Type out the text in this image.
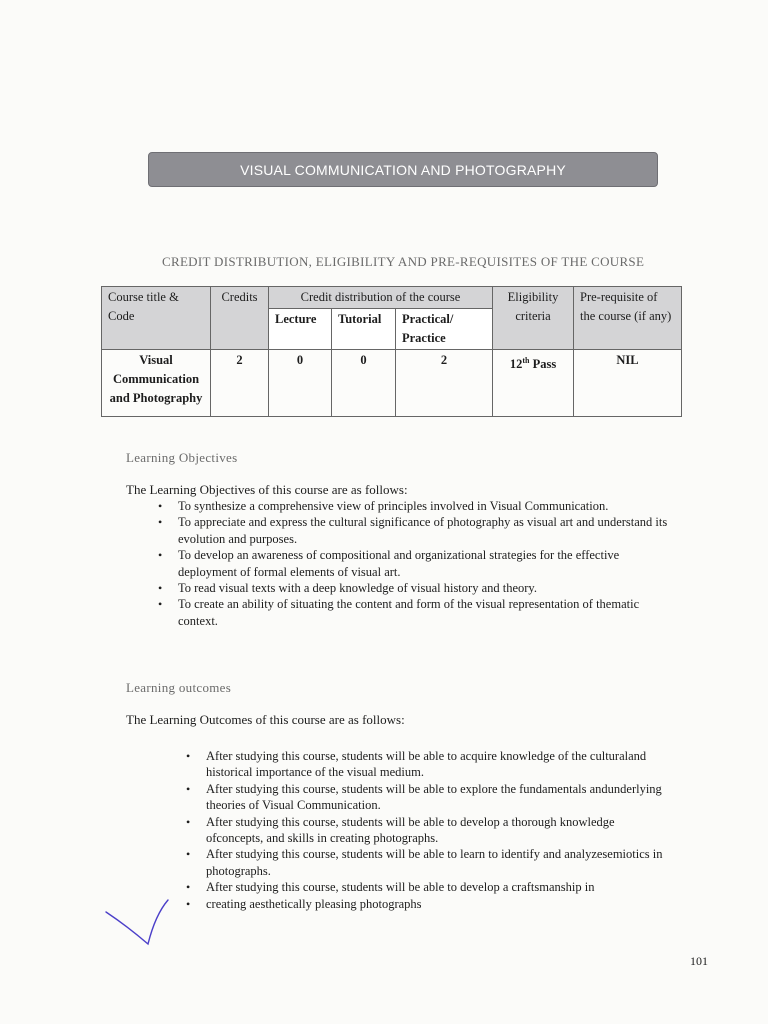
VISUAL COMMUNICATION AND PHOTOGRAPHY
CREDIT DISTRIBUTION, ELIGIBILITY AND PRE-REQUISITES OF THE COURSE
Course title & Code	Credits	Credit distribution of the course			Eligibility criteria	Pre-requisite of the course (if any)
		Lecture	Tutorial	Practical/ Practice		
Visual Communication and Photography	2	0	0	2	12th Pass	NIL
Learning Objectives
The Learning Objectives of this course are as follows:
• To synthesize a comprehensive view of principles involved in Visual Communication.
• To appreciate and express the cultural significance of photography as visual art and understand its evolution and purposes.
• To develop an awareness of compositional and organizational strategies for the effective deployment of formal elements of visual art.
• To read visual texts with a deep knowledge of visual history and theory.
• To create an ability of situating the content and form of the visual representation of thematic context.
Learning outcomes
The Learning Outcomes of this course are as follows:
• After studying this course, students will be able to acquire knowledge of the culturaland historical importance of the visual medium.
• After studying this course, students will be able to explore the fundamentals andunderlying theories of Visual Communication.
• After studying this course, students will be able to develop a thorough knowledge ofconcepts, and skills in creating photographs.
• After studying this course, students will be able to learn to identify and analyzesemiotics in photographs.
• After studying this course, students will be able to develop a craftsmanship in
• creating aesthetically pleasing photographs
101
